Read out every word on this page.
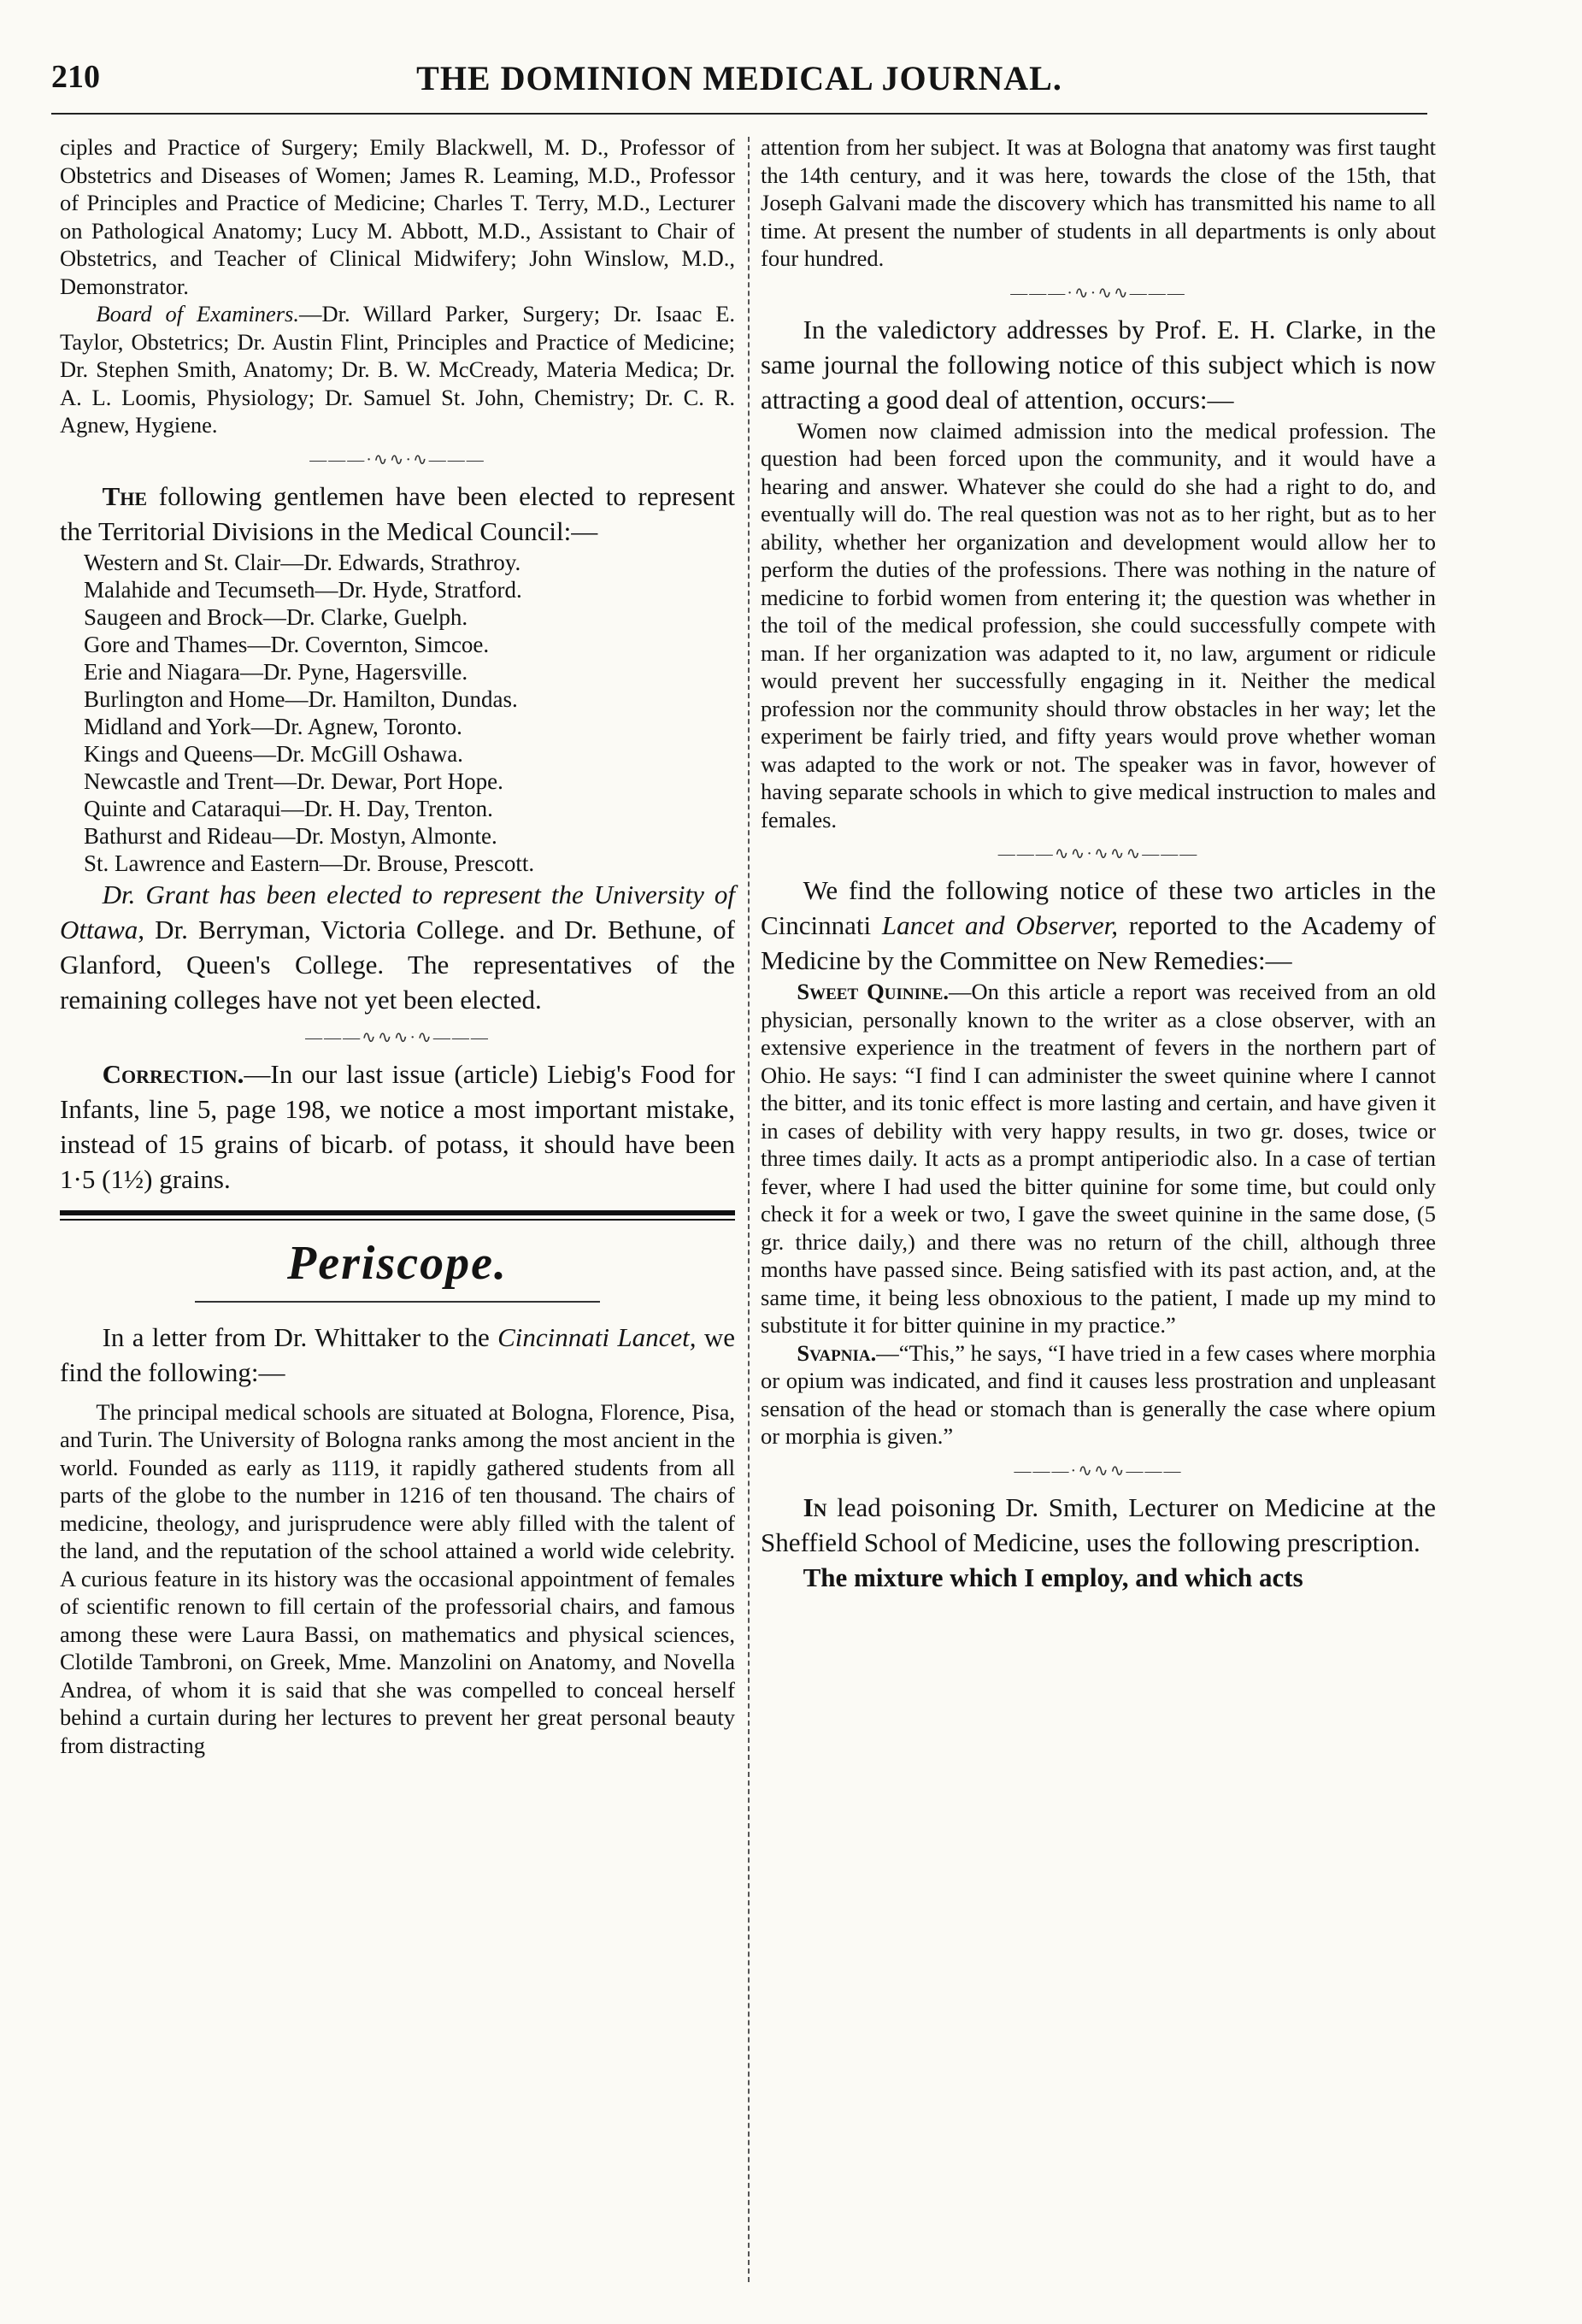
210	THE DOMINION MEDICAL JOURNAL.

ciples and Practice of Surgery; Emily Blackwell, M. D., Professor of Obstetrics and Diseases of Women; James R. Leaming, M.D., Professor of Principles and Practice of Medicine; Charles T. Terry, M.D., Lecturer on Pathological Anatomy; Lucy M. Abbott, M.D., Assistant to Chair of Obstetrics, and Teacher of Clinical Midwifery; John Winslow, M.D., Demonstrator.

Board of Examiners.—Dr. Willard Parker, Surgery; Dr. Isaac E. Taylor, Obstetrics; Dr. Austin Flint, Principles and Practice of Medicine; Dr. Stephen Smith, Anatomy; Dr. B. W. McCready, Materia Medica; Dr. A. L. Loomis, Physiology; Dr. Samuel St. John, Chemistry; Dr. C. R. Agnew, Hygiene.

———·∿∿·∿———

The following gentlemen have been elected to represent the Territorial Divisions in the Medical Council:—

Western and St. Clair—Dr. Edwards, Strathroy.
Malahide and Tecumseth—Dr. Hyde, Stratford.
Saugeen and Brock—Dr. Clarke, Guelph.
Gore and Thames—Dr. Covernton, Simcoe.
Erie and Niagara—Dr. Pyne, Hagersville.
Burlington and Home—Dr. Hamilton, Dundas.
Midland and York—Dr. Agnew, Toronto.
Kings and Queens—Dr. McGill Oshawa.
Newcastle and Trent—Dr. Dewar, Port Hope.
Quinte and Cataraqui—Dr. H. Day, Trenton.
Bathurst and Rideau—Dr. Mostyn, Almonte.
St. Lawrence and Eastern—Dr. Brouse, Prescott.

Dr. Grant has been elected to represent the University of Ottawa, Dr. Berryman, Victoria College. and Dr. Bethune, of Glanford, Queen's College. The representatives of the remaining colleges have not yet been elected.

———∿∿∿·∿———

Correction.—In our last issue (article) Liebig's Food for Infants, line 5, page 198, we notice a most important mistake, instead of 15 grains of bicarb. of potass, it should have been 1·5 (1½) grains.

Periscope.

In a letter from Dr. Whittaker to the Cincinnati Lancet, we find the following:—

The principal medical schools are situated at Bologna, Florence, Pisa, and Turin. The University of Bologna ranks among the most ancient in the world. Founded as early as 1119, it rapidly gathered students from all parts of the globe to the number in 1216 of ten thousand. The chairs of medicine, theology, and jurisprudence were ably filled with the talent of the land, and the reputation of the school attained a world wide celebrity. A curious feature in its history was the occasional appointment of females of scientific renown to fill certain of the professorial chairs, and famous among these were Laura Bassi, on mathematics and physical sciences, Clotilde Tambroni, on Greek, Mme. Manzolini on Anatomy, and Novella Andrea, of whom it is said that she was compelled to conceal herself behind a curtain during her lectures to prevent her great personal beauty from distracting

attention from her subject. It was at Bologna that anatomy was first taught the 14th century, and it was here, towards the close of the 15th, that Joseph Galvani made the discovery which has transmitted his name to all time. At present the number of students in all departments is only about four hundred.

———·∿·∿∿———

In the valedictory addresses by Prof. E. H. Clarke, in the same journal the following notice of this subject which is now attracting a good deal of attention, occurs:—

Women now claimed admission into the medical profession. The question had been forced upon the community, and it would have a hearing and answer. Whatever she could do she had a right to do, and eventually will do. The real question was not as to her right, but as to her ability, whether her organization and development would allow her to perform the duties of the professions. There was nothing in the nature of medicine to forbid women from entering it; the question was whether in the toil of the medical profession, she could successfully compete with man. If her organization was adapted to it, no law, argument or ridicule would prevent her successfully engaging in it. Neither the medical profession nor the community should throw obstacles in her way; let the experiment be fairly tried, and fifty years would prove whether woman was adapted to the work or not. The speaker was in favor, however of having separate schools in which to give medical instruction to males and females.

———∿∿·∿∿∿———

We find the following notice of these two articles in the Cincinnati Lancet and Observer, reported to the Academy of Medicine by the Committee on New Remedies:—

Sweet Quinine.—On this article a report was received from an old physician, personally known to the writer as a close observer, with an extensive experience in the treatment of fevers in the northern part of Ohio. He says: “I find I can administer the sweet quinine where I cannot the bitter, and its tonic effect is more lasting and certain, and have given it in cases of debility with very happy results, in two gr. doses, twice or three times daily. It acts as a prompt antiperiodic also. In a case of tertian fever, where I had used the bitter quinine for some time, but could only check it for a week or two, I gave the sweet quinine in the same dose, (5 gr. thrice daily,) and there was no return of the chill, although three months have passed since. Being satisfied with its past action, and, at the same time, it being less obnoxious to the patient, I made up my mind to substitute it for bitter quinine in my practice.”

Svapnia.—“This,” he says, “I have tried in a few cases where morphia or opium was indicated, and find it causes less prostration and unpleasant sensation of the head or stomach than is generally the case where opium or morphia is given.”

———·∿∿∿———

In lead poisoning Dr. Smith, Lecturer on Medicine at the Sheffield School of Medicine, uses the following prescription.

The mixture which I employ, and which acts
